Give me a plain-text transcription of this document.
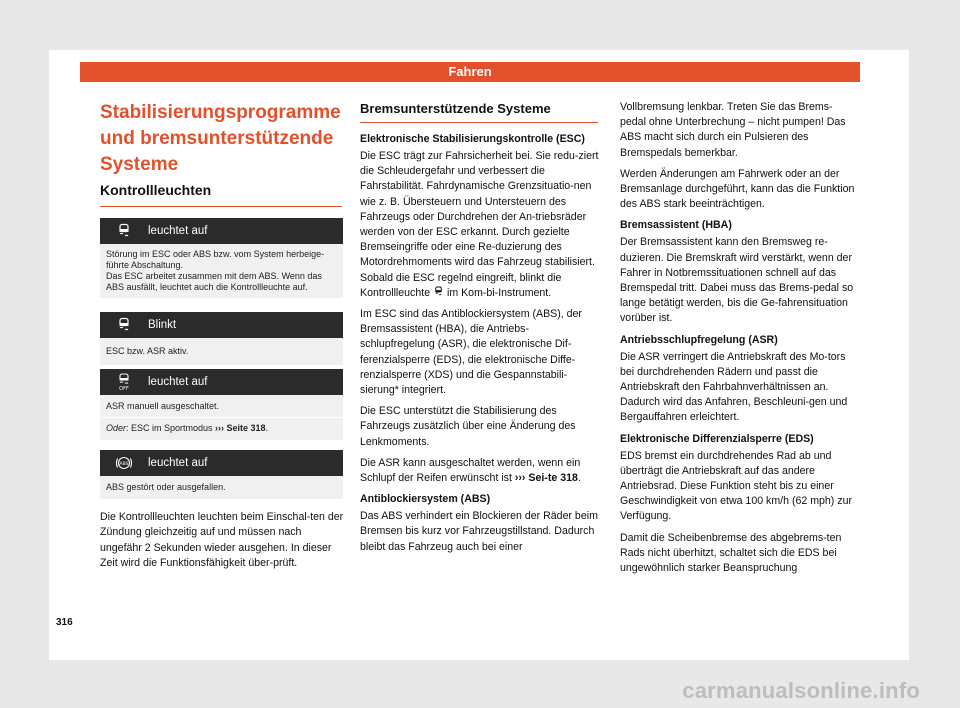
Fahren
Stabilisierungsprogramme und bremsunterstützende Systeme
Kontrollleuchten
leuchtet auf

Störung im ESC oder ABS bzw. vom System herbeige-führte Abschaltung.

Das ESC arbeitet zusammen mit dem ABS. Wenn das ABS ausfällt, leuchtet auch die Kontrollleuchte auf.

Blinkt

ESC bzw. ASR aktiv.

OFF
leuchtet auf

ASR manuell ausgeschaltet.

Oder: ESC im Sportmodus ››› Seite 318.

ABS leuchtet auf

ABS gestört oder ausgefallen.

Die Kontrollleuchten leuchten beim Einschal-ten der Zündung gleichzeitig auf und müssen nach ungefähr 2 Sekunden wieder ausgehen. In dieser Zeit wird die Funktionsfähigkeit über-prüft.
Bremsunterstützende Systeme
Elektronische Stabilisierungskontrolle (ESC)

Die ESC trägt zur Fahrsicherheit bei. Sie redu-ziert die Schleudergefahr und verbessert die Fahrstabilität. Fahrdynamische Grenzsituatio-nen wie z. B. Übersteuern und Untersteuern des Fahrzeugs oder Durchdrehen der An-triebsräder werden von der ESC erkannt. Durch gezielte Bremseingriffe oder eine Re-duzierung des Motordrehmoments wird das Fahrzeug stabilisiert. Sobald die ESC regelnd eingreift, blinkt die Kontrollleuchte  im Kom-bi-Instrument.

Im ESC sind das Antiblockiersystem (ABS), der Bremsassistent (HBA), die Antriebs-schlupfregelung (ASR), die elektronische Dif-ferenzialsperre (EDS), die elektronische Diffe-renzialsperre (XDS) und die Gespannstabili-sierung* integriert.

Die ESC unterstützt die Stabilisierung des Fahrzeugs zusätzlich über eine Änderung des Lenkmoments.

Die ASR kann ausgeschaltet werden, wenn ein Schlupf der Reifen erwünscht ist ››› Sei-te 318.

Antiblockiersystem (ABS)

Das ABS verhindert ein Blockieren der Räder beim Bremsen bis kurz vor Fahrzeugstillstand. Dadurch bleibt das Fahrzeug auch bei einer

Vollbremsung lenkbar. Treten Sie das Brems-pedal ohne Unterbrechung – nicht pumpen! Das ABS macht sich durch ein Pulsieren des Bremspedals bemerkbar.

Werden Änderungen am Fahrwerk oder an der Bremsanlage durchgeführt, kann das die Funktion des ABS stark beeinträchtigen.

Bremsassistent (HBA)

Der Bremsassistent kann den Bremsweg re-duzieren. Die Bremskraft wird verstärkt, wenn der Fahrer in Notbremssituationen schnell auf das Bremspedal tritt. Dabei muss das Brems-pedal so lange betätigt werden, bis die Ge-fahrensituation vorüber ist.

Antriebsschlupfregelung (ASR)

Die ASR verringert die Antriebskraft des Mo-tors bei durchdrehenden Rädern und passt die Antriebskraft den Fahrbahnverhältnissen an. Dadurch wird das Anfahren, Beschleuni-gen und Bergauffahren erleichtert.

Elektronische Differenzialsperre (EDS)

EDS bremst ein durchdrehendes Rad ab und überträgt die Antriebskraft auf das andere Antriebsrad. Diese Funktion steht bis zu einer Geschwindigkeit von etwa 100 km/h (62 mph) zur Verfügung.

Damit die Scheibenbremse des abgebrems-ten Rads nicht überhitzt, schaltet sich die EDS bei ungewöhnlich starker Beanspruchung

316
carmanualsonline.info
